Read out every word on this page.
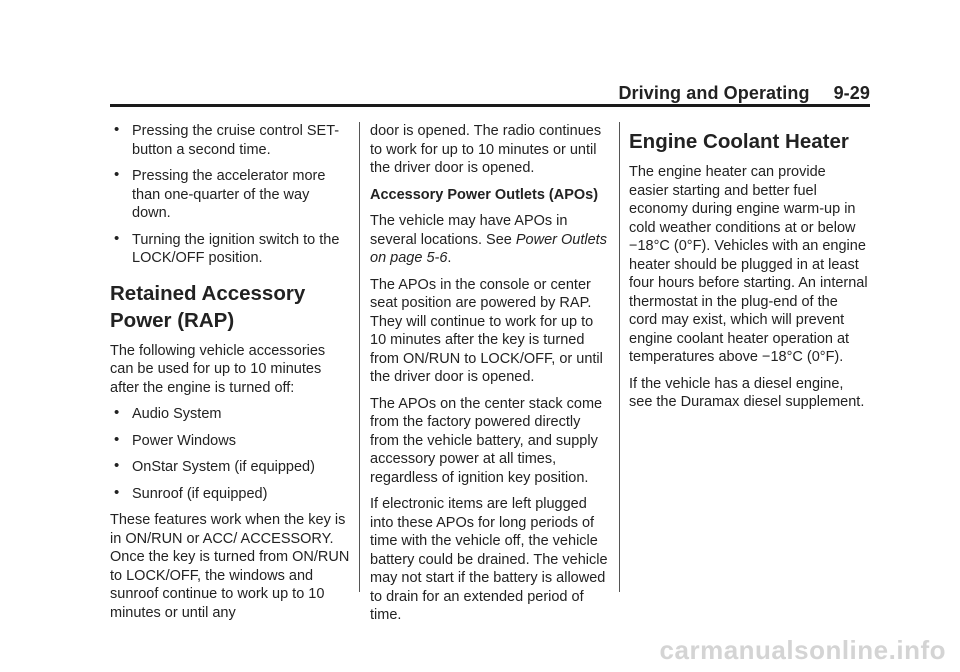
Driving and Operating 9-29
• Pressing the cruise control SET-button a second time.
• Pressing the accelerator more than one-quarter of the way down.
• Turning the ignition switch to the LOCK/OFF position.
Retained Accessory
Power (RAP)

The following vehicle accessories can be used for up to 10 minutes after the engine is turned off:

• Audio System
• Power Windows
• OnStar System (if equipped)
• Sunroof (if equipped)

These features work when the key is in ON/RUN or ACC/ ACCESSORY. Once the key is turned from ON/RUN to LOCK/OFF, the windows and sunroof continue to work up to 10 minutes or until any

door is opened. The radio continues to work for up to 10 minutes or until the driver door is opened.

Accessory Power Outlets (APOs)

The vehicle may have APOs in several locations. See Power Outlets on page 5-6.

The APOs in the console or center seat position are powered by RAP. They will continue to work for up to 10 minutes after the key is turned from ON/RUN to LOCK/OFF, or until the driver door is opened.

The APOs on the center stack come from the factory powered directly from the vehicle battery, and supply accessory power at all times, regardless of ignition key position.

If electronic items are left plugged into these APOs for long periods of time with the vehicle off, the vehicle battery could be drained. The vehicle may not start if the battery is allowed to drain for an extended period of time.

Engine Coolant Heater

The engine heater can provide easier starting and better fuel economy during engine warm-up in cold weather conditions at or below −18°C (0°F). Vehicles with an engine heater should be plugged in at least four hours before starting. An internal thermostat in the plug-end of the cord may exist, which will prevent engine coolant heater operation at temperatures above −18°C (0°F).

If the vehicle has a diesel engine, see the Duramax diesel supplement.

carmanualsonline.info
